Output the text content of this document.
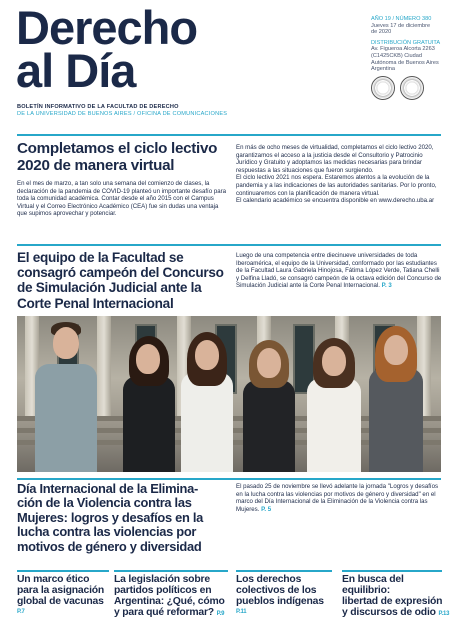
Derecho
al Día
BOLETÍN INFORMATIVO DE LA FACULTAD DE DERECHO
DE LA UNIVERSIDAD DE BUENOS AIRES / OFICINA DE COMUNICACIONES
AÑO 19 / NÚMERO 380
Jueves 17 de diciembre
de 2020
DISTRIBUCIÓN GRATUITA
Av. Figueroa Alcorta 2263
(C1425CKB) Ciudad
Autónoma de Buenos Aires
Argentina
Completamos el ciclo lectivo
2020 de manera virtual
En el mes de marzo, a tan solo una semana del comienzo de clases, la declaración de la pandemia de COVID-19 planteó un importante desafío para toda la comunidad académica. Contar desde el año 2015 con el Campus Virtual y el Correo Electrónico Académico (CEA) fue sin dudas una ventaja que supimos aprovechar y potenciar.

En más de ocho meses de virtualidad, completamos el ciclo lectivo 2020, garantizamos el acceso a la justicia desde el Consultorio y Patrocinio Jurídico y Gratuito y adoptamos las medidas necesarias para brindar respuestas a las situaciones que fueron surgiendo.

El ciclo lectivo 2021 nos espera. Estaremos atentos a la evolución de la pandemia y a las indicaciones de las autoridades sanitarias. Por lo pronto, continuaremos con la planificación de manera virtual.

El calendario académico se encuentra disponible en www.derecho.uba.ar

El equipo de la Facultad se
consagró campeón del Concurso
de Simulación Judicial ante la
Corte Penal Internacional
Luego de una competencia entre diecinueve universidades de toda Iberoamérica, el equipo de la Universidad, conformado por las estudiantes de la Facultad Laura Gabriela Hinojosa, Fátima López Verde, Tatiana Chelli y Delfina Lladó, se consagró campeón de la octava edición del Concurso de Simulación Judicial ante la Corte Penal Internacional. P. 3
Día Internacional de la Elimina-
ción de la Violencia contra las
Mujeres: logros y desafíos en la
lucha contra las violencias por
motivos de género y diversidad
El pasado 25 de noviembre se llevó adelante la jornada "Logros y desafíos en la lucha contra las violencias por motivos de género y diversidad" en el marco del Día Internacional de la Eliminación de la Violencia contra las Mujeres. P. 5
Un marco ético
para la asignación
global de vacunas
P.7
La legislación sobre
partidos políticos en
Argentina: ¿Qué, cómo
y para qué reformar? P.9
Los derechos
colectivos de los
pueblos indígenas
P.11
En busca del equilibrio:
libertad de expresión
y discursos de odio P.13
